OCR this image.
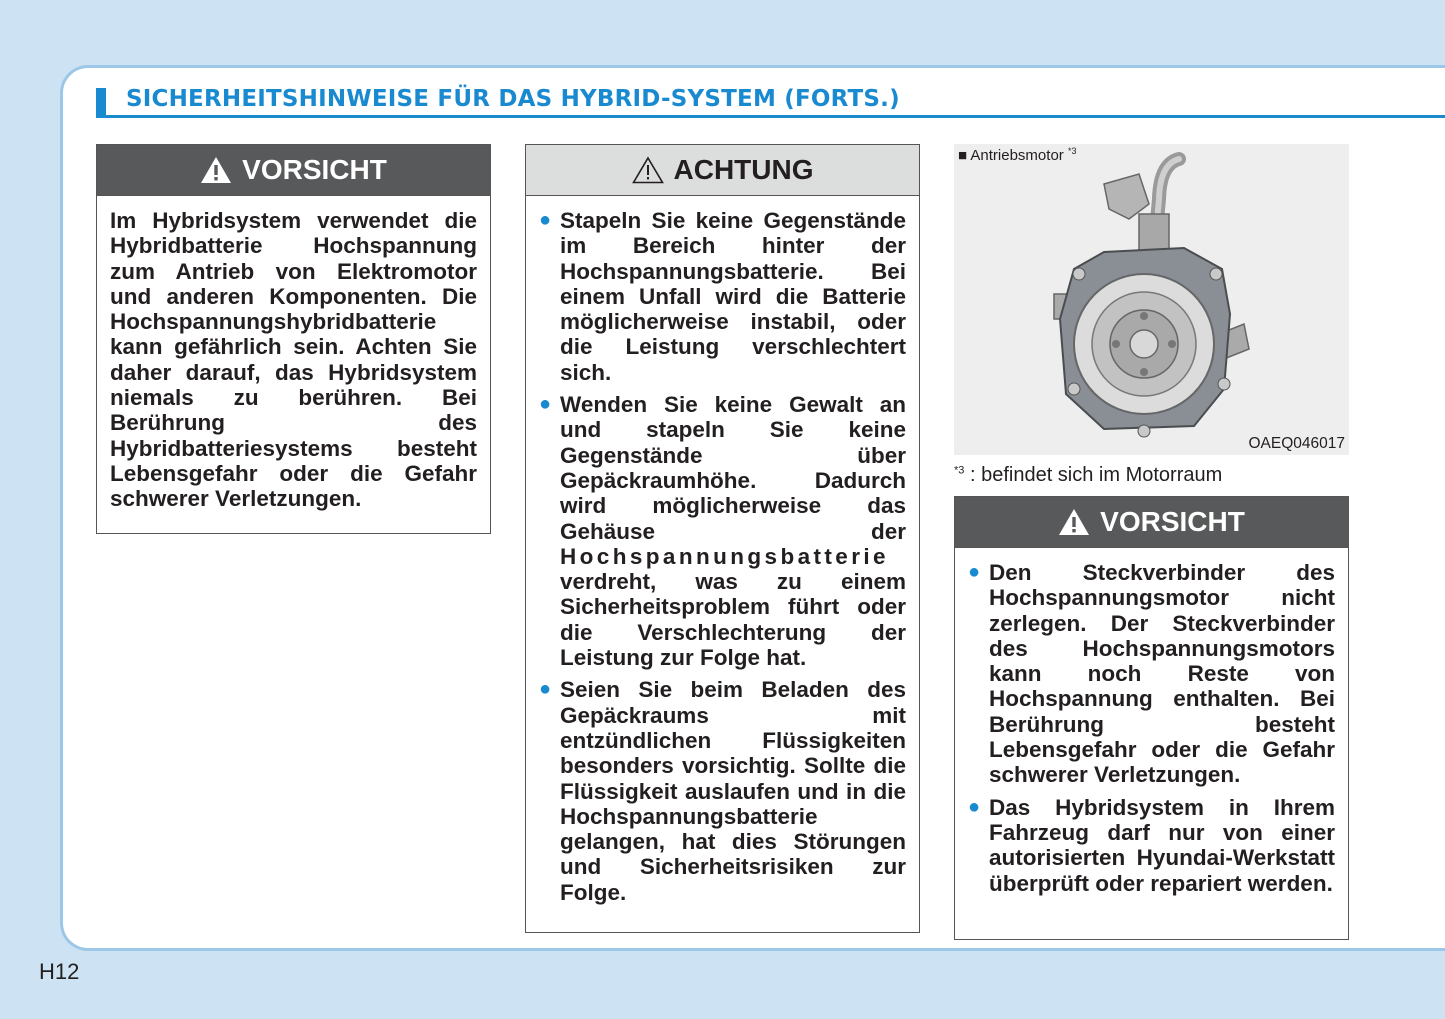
SICHERHEITSHINWEISE FÜR DAS HYBRID-SYSTEM (FORTS.)
VORSICHT

Im Hybridsystem verwendet die Hybridbatterie Hochspannung zum Antrieb von Elektromotor und anderen Komponenten. Die Hochspannungshybridbatterie kann gefährlich sein. Achten Sie daher darauf, das Hybridsystem niemals zu berühren. Bei Berührung des Hybridbatteriesystems besteht Lebensgefahr oder die Gefahr schwerer Verletzungen.

ACHTUNG
● Stapeln Sie keine Gegenstände im Bereich hinter der Hochspannungsbatterie. Bei einem Unfall wird die Batterie möglicherweise instabil, oder die Leistung verschlechtert sich.
● Wenden Sie keine Gewalt an und stapeln Sie keine Gegenstände über Gepäckraumhöhe. Dadurch wird möglicherweise das Gehäuse der Hochspannungsbatterie verdreht, was zu einem Sicherheitsproblem führt oder die Verschlechterung der Leistung zur Folge hat.
● Seien Sie beim Beladen des Gepäckraums mit entzündlichen Flüssigkeiten besonders vorsichtig. Sollte die Flüssigkeit auslaufen und in die Hochspannungsbatterie gelangen, hat dies Störungen und Sicherheitsrisiken zur Folge.
■ Antriebsmotor $^{*3}$
OAEQ046017
$^{*3}$ : befindet sich im Motorraum
VORSICHT
● Den Steckverbinder des Hochspannungsmotor nicht zerlegen. Der Steckverbinder des Hochspannungsmotors kann noch Reste von Hochspannung enthalten. Bei Berührung besteht Lebensgefahr oder die Gefahr schwerer Verletzungen.
● Das Hybridsystem in Ihrem Fahrzeug darf nur von einer autorisierten Hyundai-Werkstatt überprüft oder repariert werden.
H12
